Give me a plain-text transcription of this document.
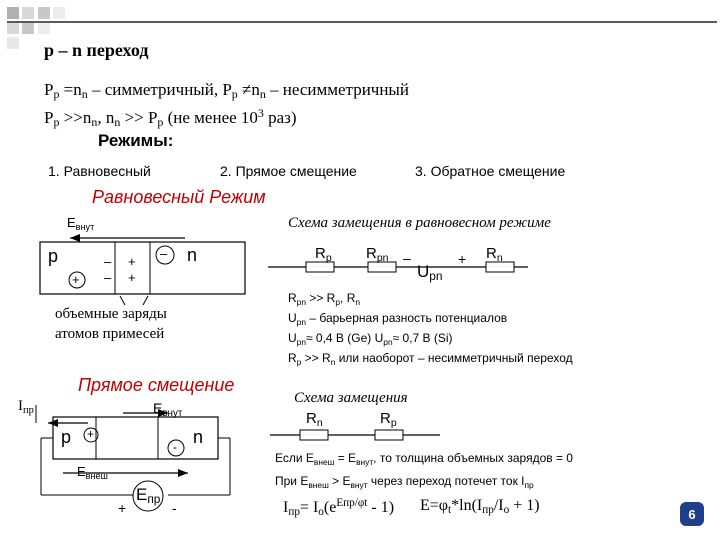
p – n переход
$P_p =n_n$ – симметричный, $P_p \ne n_n$ – несимметричный
$P_p >>n_n$, $n_n >> P_p$ (не менее $10^3$ раз)
Режимы:
1. Равновесный	2. Прямое смещение	3. Обратное смещение
Равновесный Режим
$E_{внут}$
p	n
+
–
–
–
+
+
объемные заряды
атомов примесей
Схема замещения в равновесном режиме
$R_p$ $R_{pn}$ –
$U_{pn}$
+ $R_n$
$R_{pn} >> R_p$, $R_n$
$U_{pn}$ – барьерная разность потенциалов
$U_{pn}\approx 0,4$ В (Ge) $U_{pn}\approx 0,7$ В (Si)
$R_p >> R_n$ или наоборот – несимметричный переход
Прямое смещение
$I_{пр}$	$E_{внут}$
p	n
+
-
$E_{внеш}$
$E_{пр}$
+	-
Схема замещения
$R_n$	$R_p$
Если $E_{внеш} = E_{внут}$, то толщина объемных зарядов = 0
При $E_{внеш} > E_{внут}$ через переход потечет ток $I_{пр}$
$I_{пр}= I_o(e^{Eпр/\varphi t} - 1) E=\varphi_t*\ln(I_{пр}/I_o + 1)$	6
